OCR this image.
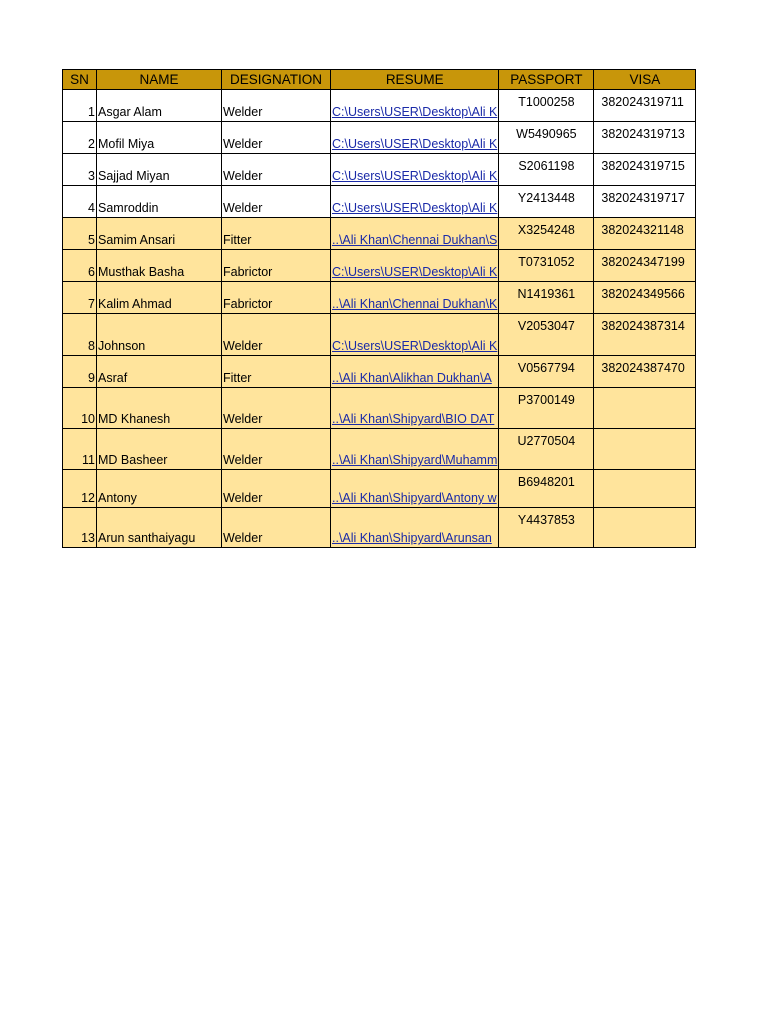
SN	NAME	DESIGNATION	RESUME	PASSPORT	VISA
1	Asgar Alam	Welder	C:\Users\USER\Desktop\Ali K	T1000258	382024319711
2	Mofil Miya	Welder	C:\Users\USER\Desktop\Ali K	W5490965	382024319713
3	Sajjad Miyan	Welder	C:\Users\USER\Desktop\Ali K	S2061198	382024319715
4	Samroddin	Welder	C:\Users\USER\Desktop\Ali K	Y2413448	382024319717
5	Samim Ansari	Fitter	..\Ali Khan\Chennai Dukhan\S	X3254248	382024321148
6	Musthak Basha	Fabrictor	C:\Users\USER\Desktop\Ali K	T0731052	382024347199
7	Kalim Ahmad	Fabrictor	..\Ali Khan\Chennai Dukhan\K	N1419361	382024349566
8	Johnson	Welder	C:\Users\USER\Desktop\Ali K	V2053047	382024387314
9	Asraf	Fitter	..\Ali Khan\Alikhan Dukhan\A	V0567794	382024387470
10	MD Khanesh	Welder	..\Ali Khan\Shipyard\BIO DAT	P3700149	
11	MD Basheer	Welder	..\Ali Khan\Shipyard\Muhamm	U2770504	
12	Antony	Welder	..\Ali Khan\Shipyard\Antony w	B6948201	
13	Arun santhaiyagu	Welder	..\Ali Khan\Shipyard\Arunsan	Y4437853	
